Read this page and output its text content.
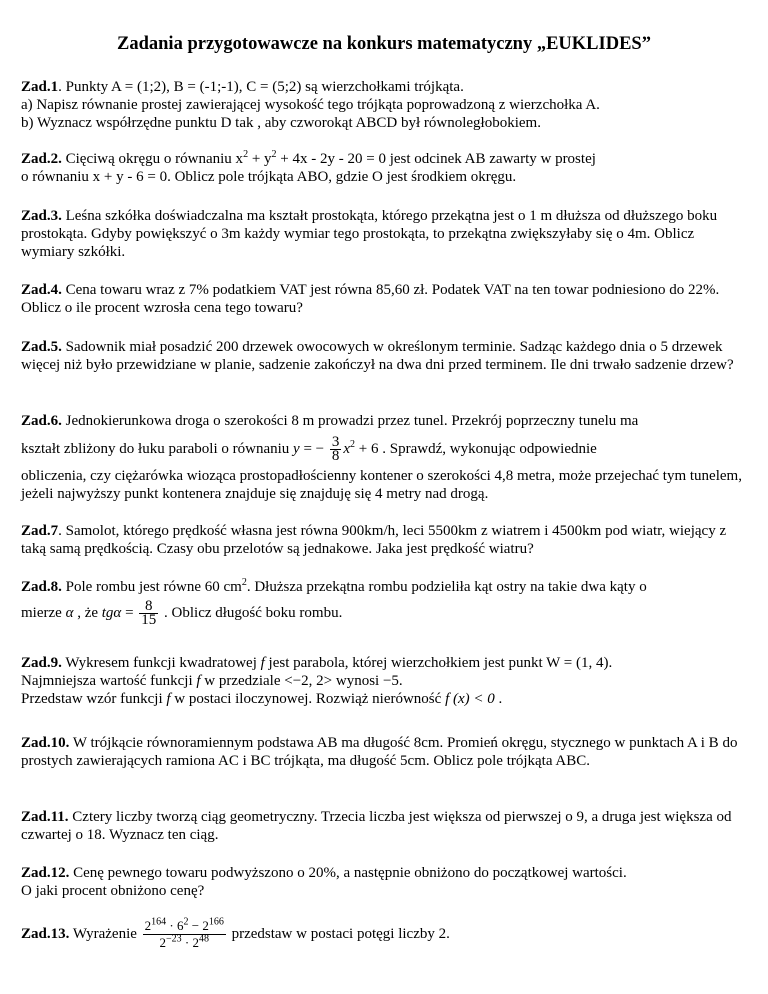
Zadania przygotowawcze na konkurs matematyczny „EUKLIDES”

Zad.1. Punkty A = (1;2), B = (-1;-1), C = (5;2) są wierzchołkami trójkąta.

a) Napisz równanie prostej zawierającej wysokość tego trójkąta poprowadzoną z wierzchołka A.

b) Wyznacz współrzędne punktu D tak , aby czworokąt ABCD był równoległobokiem.

Zad.2. Cięciwą okręgu o równaniu $x^2 + y^2 + 4x - 2y - 20 = 0$ jest odcinek AB zawarty w prostej

o równaniu x + y - 6 = 0. Oblicz pole trójkąta ABO, gdzie O jest środkiem okręgu.

Zad.3. Leśna szkółka doświadczalna ma kształt prostokąta, którego przekątna jest o 1 m dłuższa od dłuższego boku prostokąta. Gdyby powiększyć o 3m każdy wymiar tego prostokąta, to przekątna zwiększyłaby się o 4m. Oblicz wymiary szkółki.

Zad.4. Cena towaru wraz z 7% podatkiem VAT jest równa 85,60 zł. Podatek VAT na ten towar podniesiono do 22%. Oblicz o ile procent wzrosła cena tego towaru?

Zad.5. Sadownik miał posadzić 200 drzewek owocowych w określonym terminie. Sadząc każdego dnia o 5 drzewek więcej niż było przewidziane w planie, sadzenie zakończył na dwa dni przed terminem. Ile dni trwało sadzenie drzew?

Zad.6. Jednokierunkowa droga o szerokości 8 m prowadzi przez tunel. Przekrój poprzeczny tunelu ma

kształt zbliżony do łuku paraboli o równaniu y = − $\frac{3}{8} x^2 + 6$ . Sprawdź, wykonując odpowiednie

obliczenia, czy ciężarówka wioząca prostopadłościenny kontener o szerokości 4,8 metra, może przejechać tym tunelem, jeżeli najwyższy punkt kontenera znajduje się znajduję się 4 metry nad drogą.

Zad.7. Samolot, którego prędkość własna jest równa 900km/h, leci 5500km z wiatrem i 4500km pod wiatr, wiejący z taką samą prędkością. Czasy obu przelotów są jednakowe. Jaka jest prędkość wiatru?

Zad.8. Pole rombu jest równe 60 $cm^2$. Dłuższa przekątna rombu podzieliła kąt ostry na takie dwa kąty o

mierze α , że $tg\alpha = \frac{8}{15}$ . Oblicz długość boku rombu.

Zad.9. Wykresem funkcji kwadratowej f jest parabola, której wierzchołkiem jest punkt W = (1, 4).

Najmniejsza wartość funkcji f w przedziale <−2, 2> wynosi −5.

Przedstaw wzór funkcji f w postaci iloczynowej. Rozwiąż nierówność f (x) < 0 .

Zad.10. W trójkącie równoramiennym podstawa AB ma długość 8cm. Promień okręgu, stycznego w punktach A i B do prostych zawierających ramiona AC i BC trójkąta, ma długość 5cm. Oblicz pole trójkąta ABC.

Zad.11. Cztery liczby tworzą ciąg geometryczny. Trzecia liczba jest większa od pierwszej o 9, a druga jest większa od czwartej o 18. Wyznacz ten ciąg.

Zad.12. Cenę pewnego towaru podwyższono o 20%, a następnie obniżono do początkowej wartości.

O jaki procent obniżono cenę?

Zad.13. Wyrażenie $\frac{2^{164} \cdot 6^2 - 2^{166}}{2^{-23} \cdot 2^{48}}$ przedstaw w postaci potęgi liczby 2.
